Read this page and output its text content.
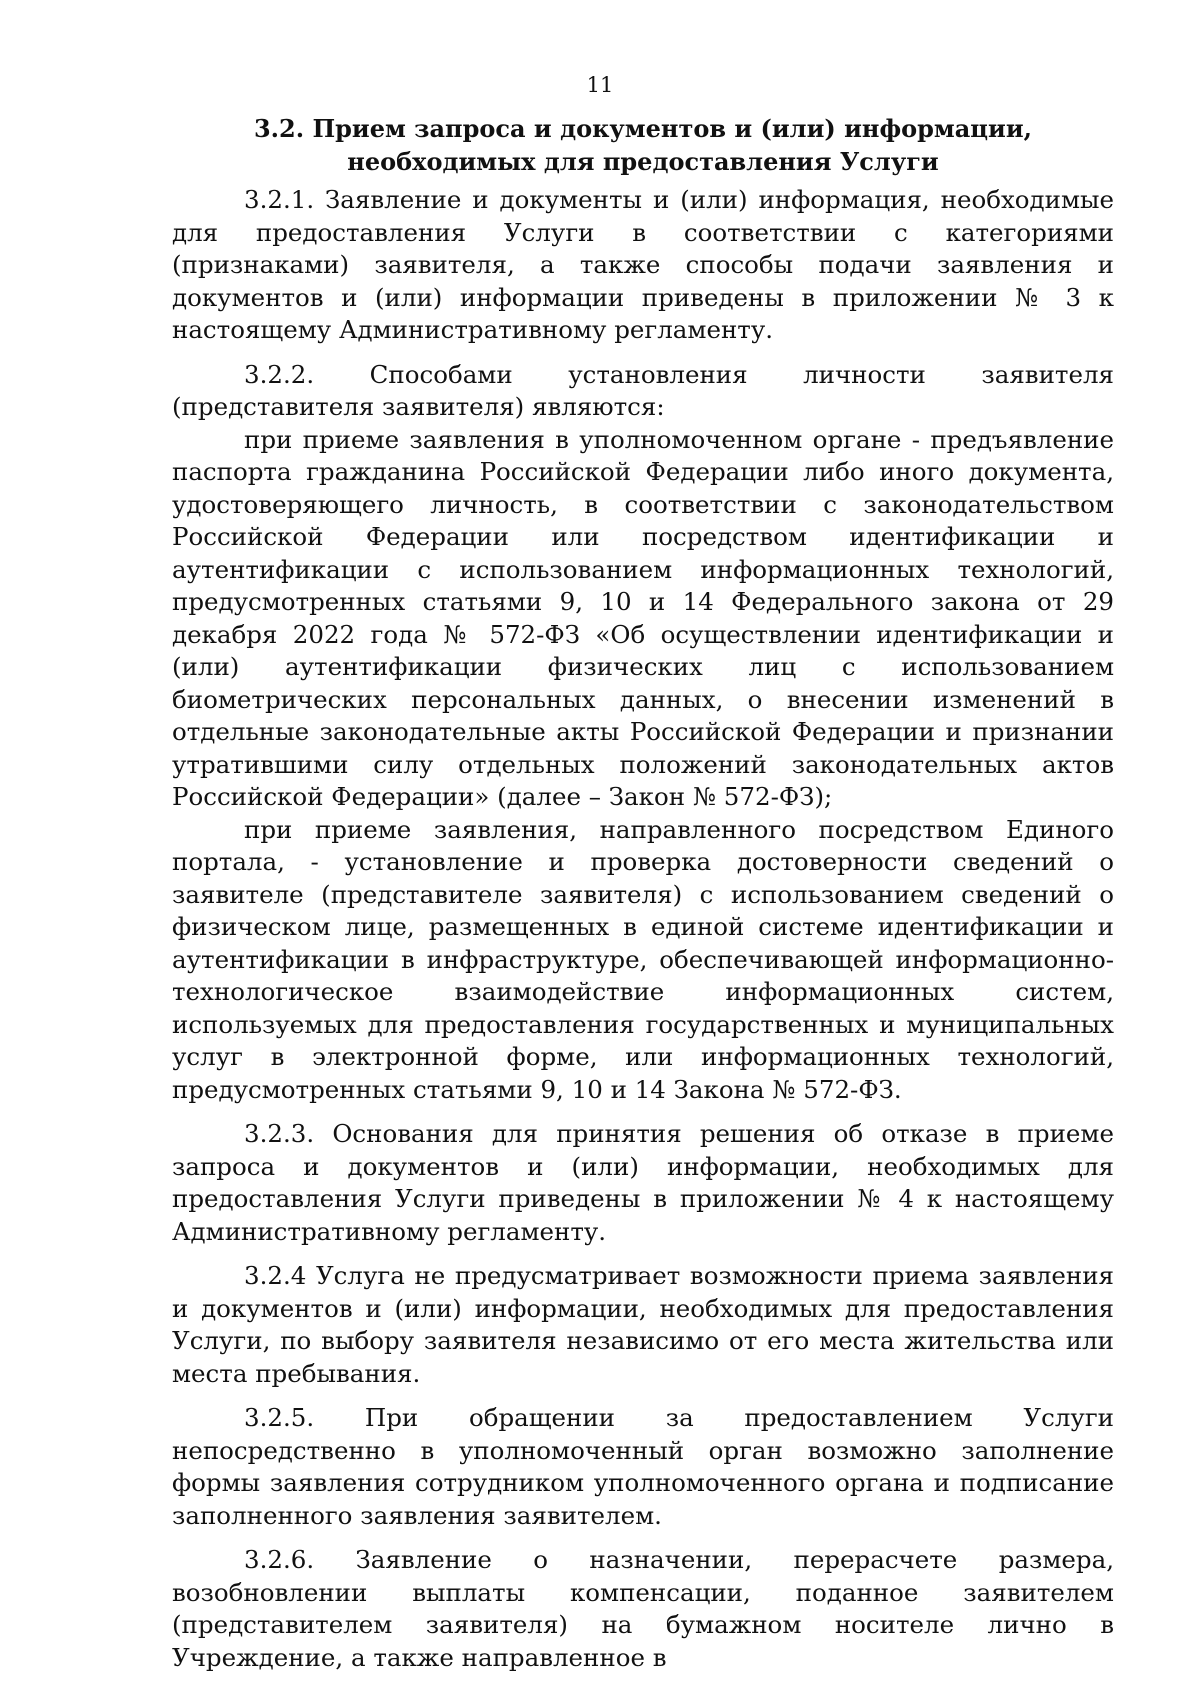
11
3.2. Прием запроса и документов и (или) информации, необходимых для предоставления Услуги

3.2.1. Заявление и документы и (или) информация, необходимые для предоставления Услуги в соответствии с категориями (признаками) заявителя, а также способы подачи заявления и документов и (или) информации приведены в приложении № 3 к настоящему Административному регламенту.

3.2.2. Способами установления личности заявителя (представителя заявителя) являются:

при приеме заявления в уполномоченном органе - предъявление паспорта гражданина Российской Федерации либо иного документа, удостоверяющего личность, в соответствии с законодательством Российской Федерации или посредством идентификации и аутентификации с использованием информационных технологий, предусмотренных статьями 9, 10 и 14 Федерального закона от 29 декабря 2022 года № 572-ФЗ «Об осуществлении идентификации и (или) аутентификации физических лиц с использованием биометрических персональных данных, о внесении изменений в отдельные законодательные акты Российской Федерации и признании утратившими силу отдельных положений законодательных актов Российской Федерации» (далее – Закон № 572-ФЗ);

при приеме заявления, направленного посредством Единого портала, - установление и проверка достоверности сведений о заявителе (представителе заявителя) с использованием сведений о физическом лице, размещенных в единой системе идентификации и аутентификации в инфраструктуре, обеспечивающей информационно-технологическое взаимодействие информационных систем, используемых для предоставления государственных и муниципальных услуг в электронной форме, или информационных технологий, предусмотренных статьями 9, 10 и 14 Закона № 572-ФЗ.

3.2.3. Основания для принятия решения об отказе в приеме запроса и документов и (или) информации, необходимых для предоставления Услуги приведены в приложении № 4 к настоящему Административному регламенту.

3.2.4 Услуга не предусматривает возможности приема заявления и документов и (или) информации, необходимых для предоставления Услуги, по выбору заявителя независимо от его места жительства или места пребывания.

3.2.5. При обращении за предоставлением Услуги непосредственно в уполномоченный орган возможно заполнение формы заявления сотрудником уполномоченного органа и подписание заполненного заявления заявителем.

3.2.6. Заявление о назначении, перерасчете размера, возобновлении выплаты компенсации, поданное заявителем (представителем заявителя) на бумажном носителе лично в Учреждение, а также направленное в
